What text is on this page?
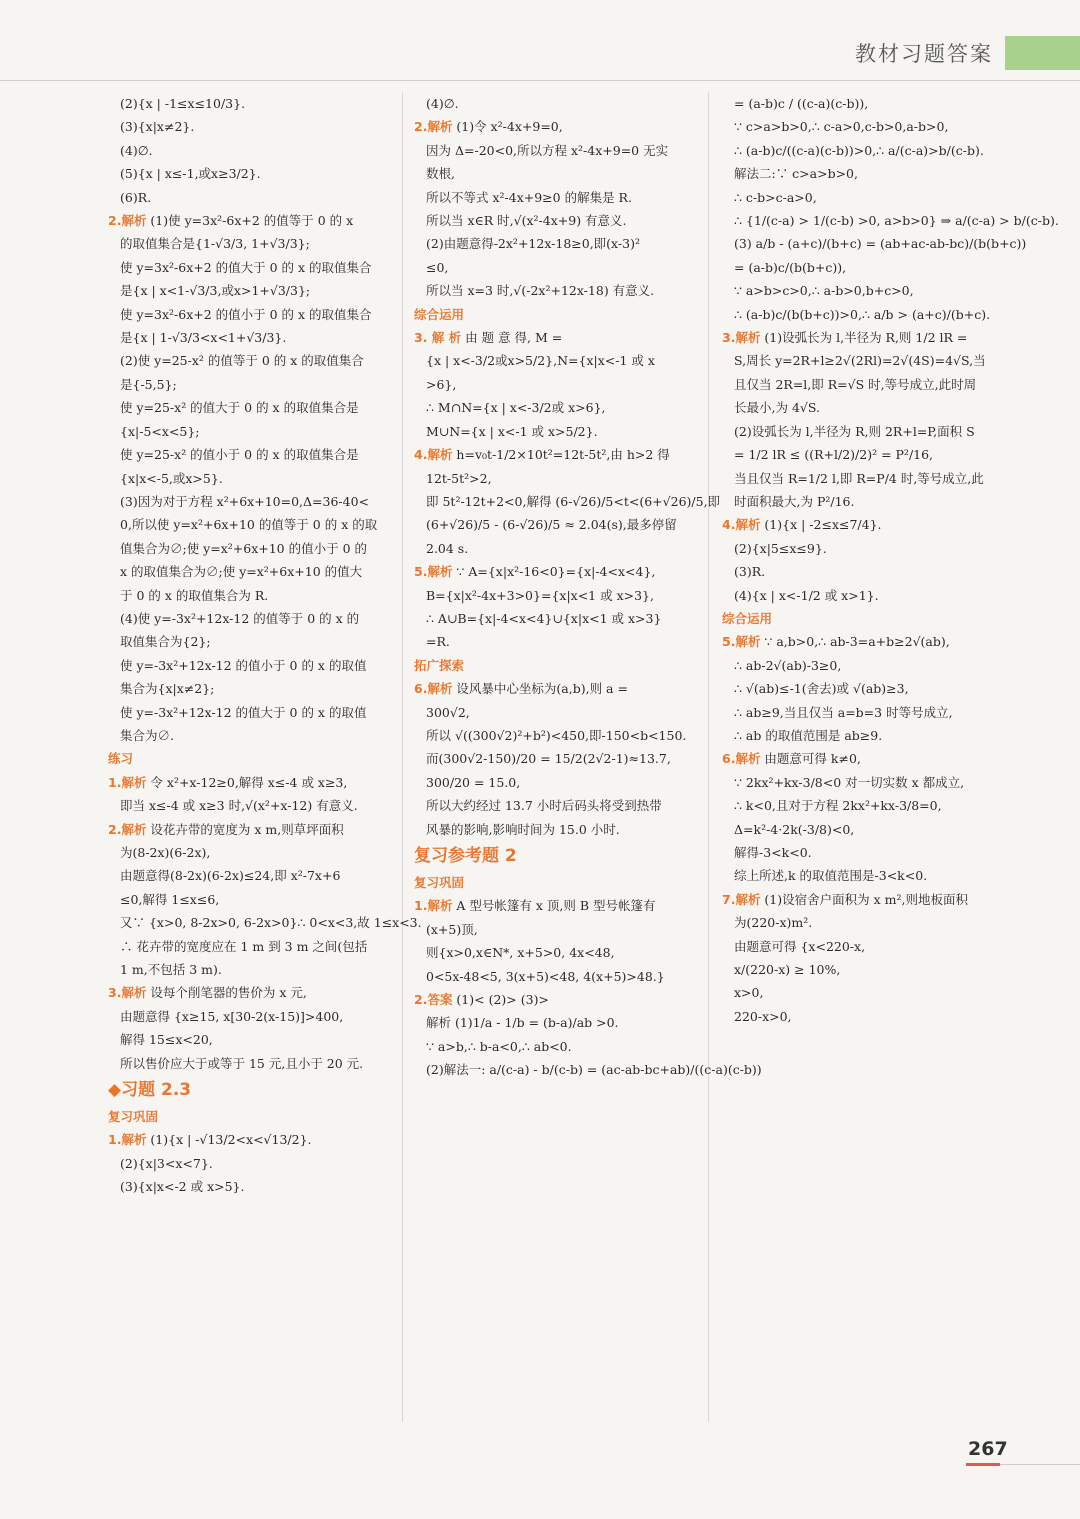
教材习题答案
(2){x | -1≤x≤10/3}.
(3){x|x≠2}.
(4)∅.
(5){x | x≤-1,或x≥3/2}.
(6)R.
2.解析 (1)使 y=3x²-6x+2 的值等于 0 的 x
的取值集合是{1-√3/3, 1+√3/3};
使 y=3x²-6x+2 的值大于 0 的 x 的取值集合
是{x | x<1-√3/3,或x>1+√3/3};
使 y=3x²-6x+2 的值小于 0 的 x 的取值集合
是{x | 1-√3/3<x<1+√3/3}.
(2)使 y=25-x² 的值等于 0 的 x 的取值集合
是{-5,5};
使 y=25-x² 的值大于 0 的 x 的取值集合是
{x|-5<x<5};
使 y=25-x² 的值小于 0 的 x 的取值集合是
{x|x<-5,或x>5}.
(3)因为对于方程 x²+6x+10=0,Δ=36-40<
0,所以使 y=x²+6x+10 的值等于 0 的 x 的取
值集合为∅;使 y=x²+6x+10 的值小于 0 的
x 的取值集合为∅;使 y=x²+6x+10 的值大
于 0 的 x 的取值集合为 R.
(4)使 y=-3x²+12x-12 的值等于 0 的 x 的
取值集合为{2};
使 y=-3x²+12x-12 的值小于 0 的 x 的取值
集合为{x|x≠2};
使 y=-3x²+12x-12 的值大于 0 的 x 的取值
集合为∅.
练习
1.解析 令 x²+x-12≥0,解得 x≤-4 或 x≥3,
即当 x≤-4 或 x≥3 时,√(x²+x-12) 有意义.
2.解析 设花卉带的宽度为 x m,则草坪面积
为(8-2x)(6-2x),
由题意得(8-2x)(6-2x)≤24,即 x²-7x+6
≤0,解得 1≤x≤6,
又∵ {x>0, 8-2x>0, 6-2x>0}∴ 0<x<3,故 1≤x<3.
∴ 花卉带的宽度应在 1 m 到 3 m 之间(包括
1 m,不包括 3 m).
3.解析 设每个削笔器的售价为 x 元,
由题意得 {x≥15, x[30-2(x-15)]>400,
解得 15≤x<20,
所以售价应大于或等于 15 元,且小于 20 元.
◆习题 2.3
复习巩固
1.解析 (1){x | -√13/2<x<√13/2}.
(2){x|3<x<7}.
(3){x|x<-2 或 x>5}.
(4)∅.
2.解析 (1)令 x²-4x+9=0,
因为 Δ=-20<0,所以方程 x²-4x+9=0 无实
数根,
所以不等式 x²-4x+9≥0 的解集是 R.
所以当 x∈R 时,√(x²-4x+9) 有意义.
(2)由题意得-2x²+12x-18≥0,即(x-3)²
≤0,
所以当 x=3 时,√(-2x²+12x-18) 有意义.
综合运用
3. 解 析 由 题 意 得, M =
{x | x<-3/2或x>5/2},N={x|x<-1 或 x
>6},
∴ M∩N={x | x<-3/2或 x>6},
M∪N={x | x<-1 或 x>5/2}.
4.解析 h=v₀t-1/2×10t²=12t-5t²,由 h>2 得
12t-5t²>2,
即 5t²-12t+2<0,解得 (6-√26)/5<t<(6+√26)/5,即
(6+√26)/5 - (6-√26)/5 ≈ 2.04(s),最多停留
2.04 s.
5.解析 ∵ A={x|x²-16<0}={x|-4<x<4},
B={x|x²-4x+3>0}={x|x<1 或 x>3},
∴ A∪B={x|-4<x<4}∪{x|x<1 或 x>3}
=R.
拓广探索
6.解析 设风暴中心坐标为(a,b),则 a =
300√2,
所以 √((300√2)²+b²)<450,即-150<b<150.
而(300√2-150)/20 = 15/2(2√2-1)≈13.7,
300/20 = 15.0,
所以大约经过 13.7 小时后码头将受到热带
风暴的影响,影响时间为 15.0 小时.
复习参考题 2
复习巩固
1.解析 A 型号帐篷有 x 顶,则 B 型号帐篷有
(x+5)顶,
则{x>0,x∈N*, x+5>0, 4x<48,
0<5x-48<5, 3(x+5)<48, 4(x+5)>48.}
2.答案 (1)< (2)> (3)>
解析 (1)1/a - 1/b = (b-a)/ab >0.
∵ a>b,∴ b-a<0,∴ ab<0.
(2)解法一: a/(c-a) - b/(c-b) = (ac-ab-bc+ab)/((c-a)(c-b))
= (a-b)c / ((c-a)(c-b)),
∵ c>a>b>0,∴ c-a>0,c-b>0,a-b>0,
∴ (a-b)c/((c-a)(c-b))>0,∴ a/(c-a)>b/(c-b).
解法二:∵ c>a>b>0,
∴ c-b>c-a>0,
∴ {1/(c-a) > 1/(c-b) >0, a>b>0} ⇒ a/(c-a) > b/(c-b).
(3) a/b - (a+c)/(b+c) = (ab+ac-ab-bc)/(b(b+c))
= (a-b)c/(b(b+c)),
∵ a>b>c>0,∴ a-b>0,b+c>0,
∴ (a-b)c/(b(b+c))>0,∴ a/b > (a+c)/(b+c).
3.解析 (1)设弧长为 l,半径为 R,则 1/2 lR =
S,周长 y=2R+l≥2√(2Rl)=2√(4S)=4√S,当
且仅当 2R=l,即 R=√S 时,等号成立,此时周
长最小,为 4√S.
(2)设弧长为 l,半径为 R,则 2R+l=P,面积 S
= 1/2 lR ≤ ((R+l/2)/2)² = P²/16,
当且仅当 R=1/2 l,即 R=P/4 时,等号成立,此
时面积最大,为 P²/16.
4.解析 (1){x | -2≤x≤7/4}.
(2){x|5≤x≤9}.
(3)R.
(4){x | x<-1/2 或 x>1}.
综合运用
5.解析 ∵ a,b>0,∴ ab-3=a+b≥2√(ab),
∴ ab-2√(ab)-3≥0,
∴ √(ab)≤-1(舍去)或 √(ab)≥3,
∴ ab≥9,当且仅当 a=b=3 时等号成立,
∴ ab 的取值范围是 ab≥9.
6.解析 由题意可得 k≠0,
∵ 2kx²+kx-3/8<0 对一切实数 x 都成立,
∴ k<0,且对于方程 2kx²+kx-3/8=0,
Δ=k²-4·2k(-3/8)<0,
解得-3<k<0.
综上所述,k 的取值范围是-3<k<0.
7.解析 (1)设宿舍户面积为 x m²,则地板面积
为(220-x)m².
由题意可得 {x<220-x,
x/(220-x) ≥ 10%,
x>0,
220-x>0,
267
